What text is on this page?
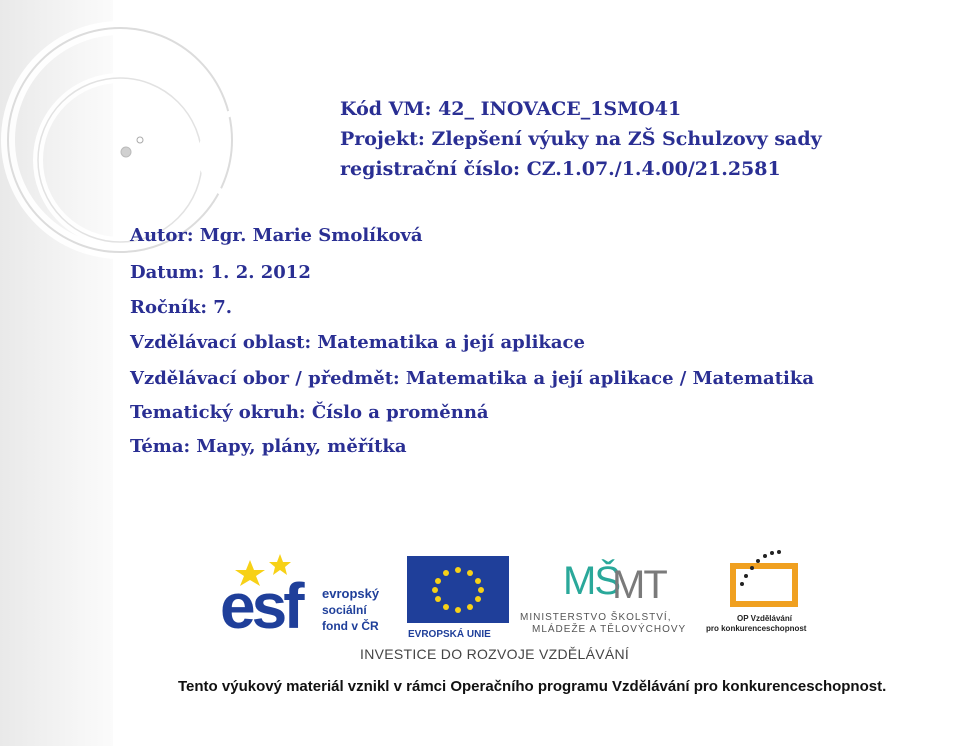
Kód VM: 42_ INOVACE_1SMO41
Projekt: Zlepšení výuky na ZŠ Schulzovy sady
registrační číslo: CZ.1.07./1.4.00/21.2581
Autor: Mgr. Marie Smolíková
Datum: 1. 2. 2012
Ročník: 7.
Vzdělávací oblast: Matematika a její aplikace
Vzdělávací obor / předmět: Matematika a její aplikace / Matematika
Tematický okruh: Číslo a proměnná
Téma: Mapy, plány, měřítka
esf	evropský
sociální
fond v ČR
EVROPSKÁ UNIE
MŠ
MT
MINISTERSTVO ŠKOLSTVÍ,
MLÁDEŽE A TĚLOVÝCHOVY
OP Vzdělávání
pro konkurenceschopnost
INVESTICE DO ROZVOJE VZDĚLÁVÁNÍ
Tento výukový materiál vznikl v rámci Operačního programu Vzdělávání pro konkurenceschopnost.
